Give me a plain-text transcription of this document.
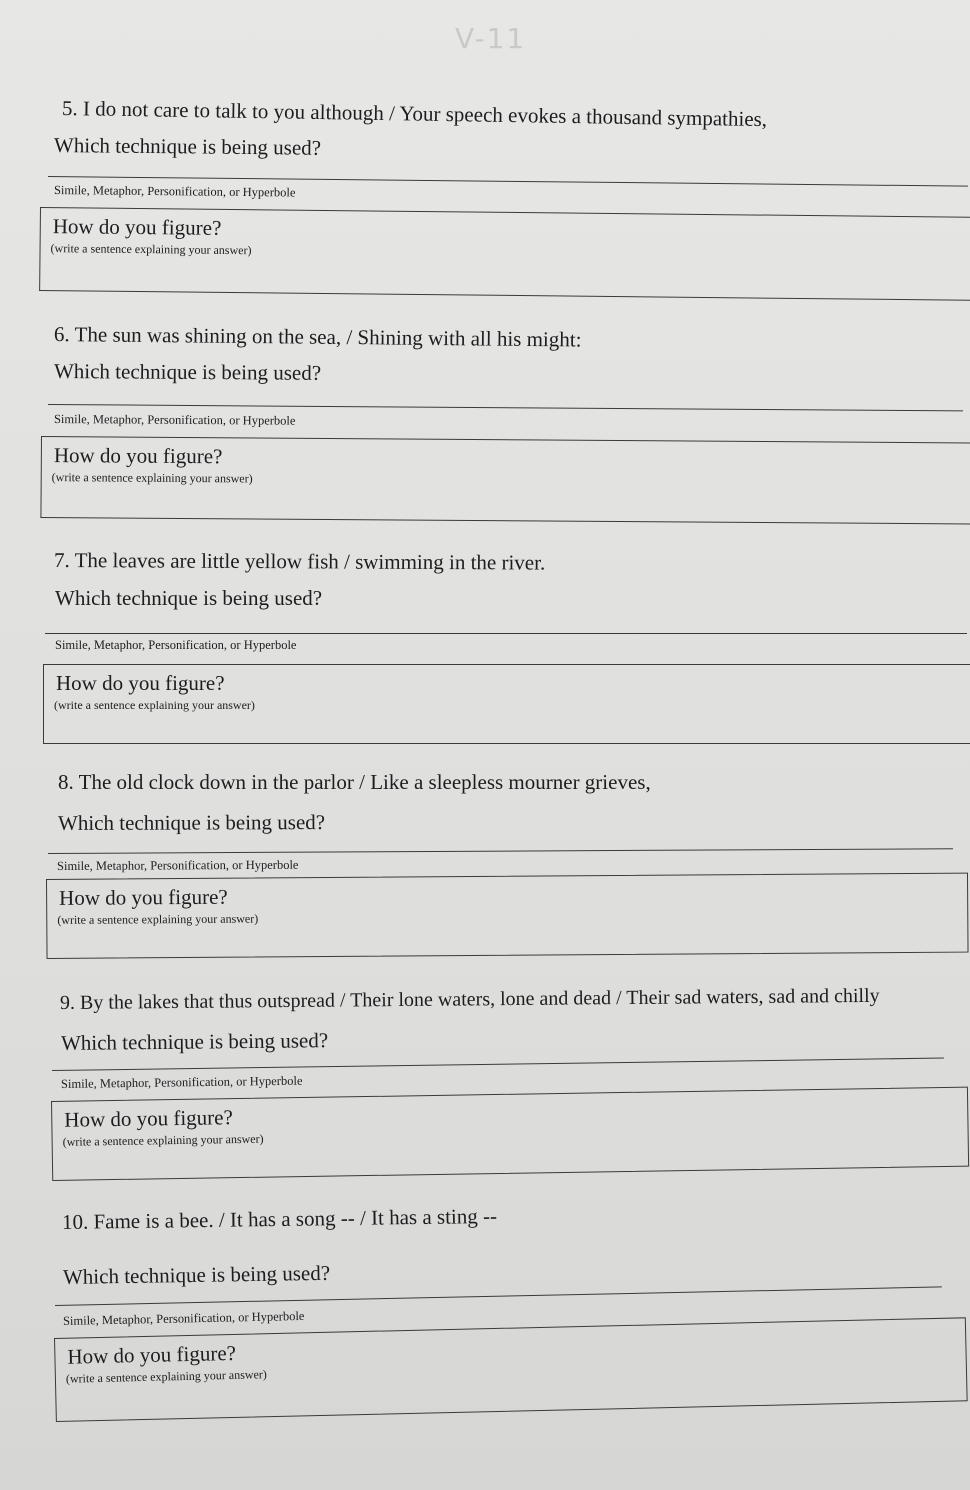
V-11
5. I do not care to talk to you although / Your speech evokes a thousand sympathies,
Which technique is being used?
Simile, Metaphor, Personification, or Hyperbole
How do you figure?
(write a sentence explaining your answer)
6. The sun was shining on the sea, / Shining with all his might:
Which technique is being used?
Simile, Metaphor, Personification, or Hyperbole
How do you figure?
(write a sentence explaining your answer)
7. The leaves are little yellow fish / swimming in the river.
Which technique is being used?
Simile, Metaphor, Personification, or Hyperbole
How do you figure?
(write a sentence explaining your answer)
8. The old clock down in the parlor / Like a sleepless mourner grieves,
Which technique is being used?
Simile, Metaphor, Personification, or Hyperbole
How do you figure?
(write a sentence explaining your answer)
9. By the lakes that thus outspread / Their lone waters, lone and dead / Their sad waters, sad and chilly
Which technique is being used?
Simile, Metaphor, Personification, or Hyperbole
How do you figure?
(write a sentence explaining your answer)
10. Fame is a bee. / It has a song -- / It has a sting --
Which technique is being used?
Simile, Metaphor, Personification, or Hyperbole
How do you figure?
(write a sentence explaining your answer)
